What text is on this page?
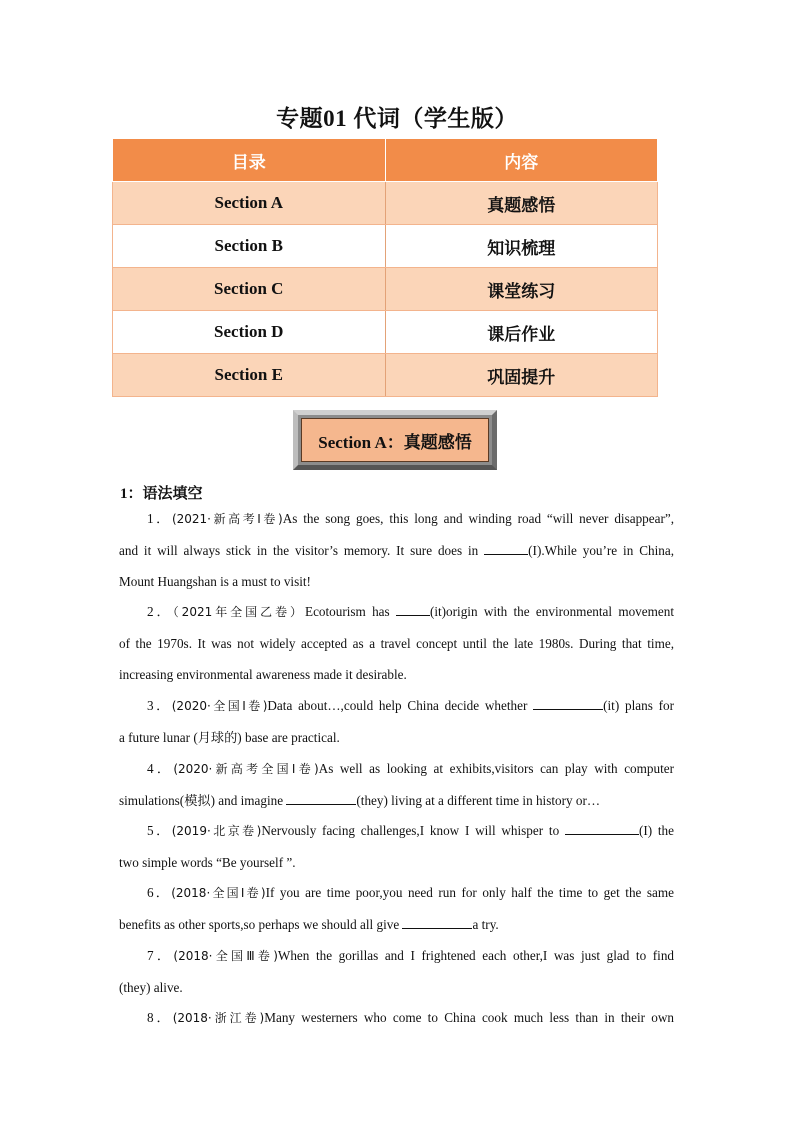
专题01 代词（学生版）
目录	内容
Section A	真题感悟
Section B	知识梳理
Section C	课堂练习
Section D	课后作业
Section E	巩固提升
Section A：真题感悟
1：语法填空
1．(2021·新高考Ⅰ卷)As the song goes, this long and winding road “will never disappear”,
and it will always stick in the visitor’s memory. It sure does in	(I).While you’re in China,
Mount Huangshan is a must to visit!
2．（2021年全国乙卷）Ecotourism has	(it)origin with the environmental movement
of the 1970s. It was not widely accepted as a travel concept until the late 1980s. During that time,
increasing environmental awareness made it desirable.
3．(2020·全国Ⅰ卷)Data about…,could help China decide whether	(it) plans for
a future lunar (月球的) base are practical.
4．(2020·新高考全国Ⅰ卷)As well as looking at exhibits,visitors can play with computer
simulations(模拟) and imagine	(they) living at a different time in history or…
5．(2019·北京卷)Nervously facing challenges,I know I will whisper to	(I) the
two simple words “Be yourself ”.
6．(2018·全国Ⅰ卷)If you are time poor,you need run for only half the time to get the same
benefits as other sports,so perhaps we should all give	a try.
7．(2018·全国Ⅲ卷)When the gorillas and I frightened each other,I was just glad to find
(they) alive.
8．(2018·浙江卷)Many westerners who come to China cook much less than in their own
